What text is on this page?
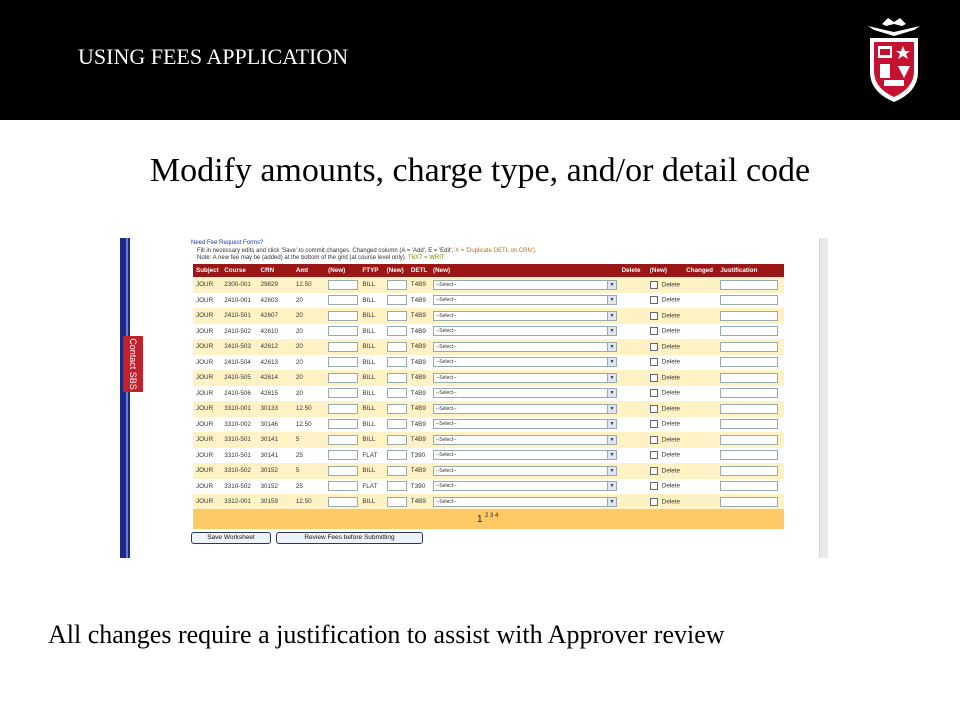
USING FEES APPLICATION
Modify amounts, charge type, and/or detail code
Contact SBS
Need Fee Request Forms?
Fill in necessary edits and click 'Save' to commit changes. Changed column (A = 'Add', E = 'Edit', X = 'Duplicate DETL on CRN').
Note: A new fee may be (added) at the bottom of the grid (at course level only). T6X7 = WRIT
Subject	Course	CRN	Amt	(New)	FTYP	(New)	DETL	(New)	Delete	(New)	Changed	Justification
JOUR	2300-001	29829	12.50		BILL		T4B9	--Select-- ▼		Delete		
JOUR	2410-001	42603	20		BILL		T4B9	--Select-- ▼		Delete		
JOUR	2410-501	42607	20		BILL		T4B9	--Select-- ▼		Delete		
JOUR	2410-502	42610	20		BILL		T4B9	--Select-- ▼		Delete		
JOUR	2410-503	42612	20		BILL		T4B9	--Select-- ▼		Delete		
JOUR	2410-504	42613	20		BILL		T4B9	--Select-- ▼		Delete		
JOUR	2410-505	42614	20		BILL		T4B9	--Select-- ▼		Delete		
JOUR	2410-506	42615	20		BILL		T4B9	--Select-- ▼		Delete		
JOUR	3310-001	30133	12.50		BILL		T4B9	--Select-- ▼		Delete		
JOUR	3310-002	30146	12.50		BILL		T4B9	--Select-- ▼		Delete		
JOUR	3310-501	30141	5		BILL		T4B9	--Select-- ▼		Delete		
JOUR	3310-501	30141	25		FLAT		T390	--Select-- ▼		Delete		
JOUR	3310-502	30152	5		BILL		T4B9	--Select-- ▼		Delete		
JOUR	3310-502	30152	25		FLAT		T390	--Select-- ▼		Delete		
JOUR	3312-001	30159	12.50		BILL		T4B9	--Select-- ▼		Delete		
1 2 3 4
Save Worksheet	Review Fees before Submitting
All changes require a justification to assist with Approver review
